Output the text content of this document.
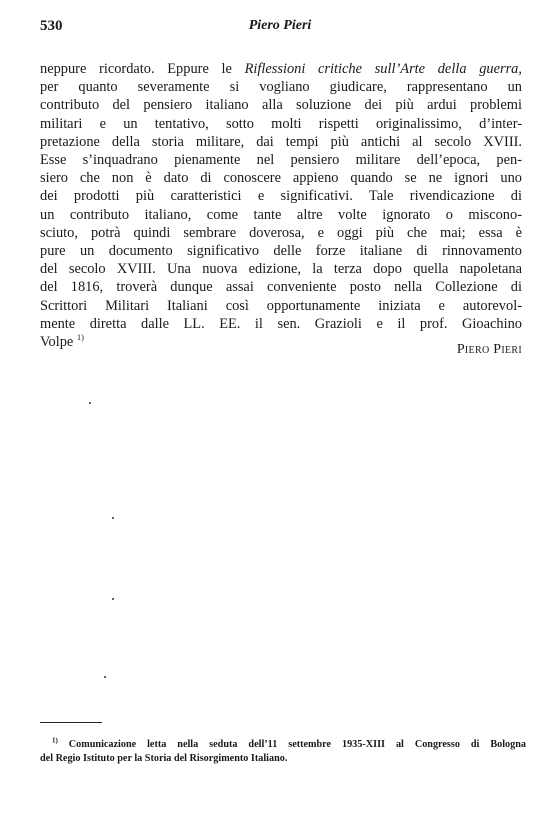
530	Piero Pieri
neppure ricordato. Eppure le Riflessioni critiche sull’Arte della guerra,
per quanto severamente si vogliano giudicare, rappresentano un
contributo del pensiero italiano alla soluzione dei più ardui problemi
militari e un tentativo, sotto molti rispetti originalissimo, d’inter-
pretazione della storia militare, dai tempi più antichi al secolo XVIII.
Esse s’inquadrano pienamente nel pensiero militare dell’epoca, pen-
siero che non è dato di conoscere appieno quando se ne ignori uno
dei prodotti più caratteristici e significativi. Tale rivendicazione di
un contributo italiano, come tante altre volte ignorato o misconο-
sciuto, potrà quindi sembrare doverosa, e oggi più che mai; essa è
pure un documento significativo delle forze italiane di rinnovamento
del secolo XVIII. Una nuova edizione, la terza dopo quella napoletana
del 1816, troverà dunque assai conveniente posto nella Collezione di
Scrittori Militari Italiani così opportunamente iniziata e autorevol-
mente diretta dalle LL. EE. il sen. Grazioli e il prof. Gioachino
Volpe $^{1)}$
Piero Pieri
$^{1)}$ Comunicazione letta nella seduta dell’11 settembre 1935-XIII al Congresso di Bologna
del Regio Istituto per la Storia del Risorgimento Italiano.
